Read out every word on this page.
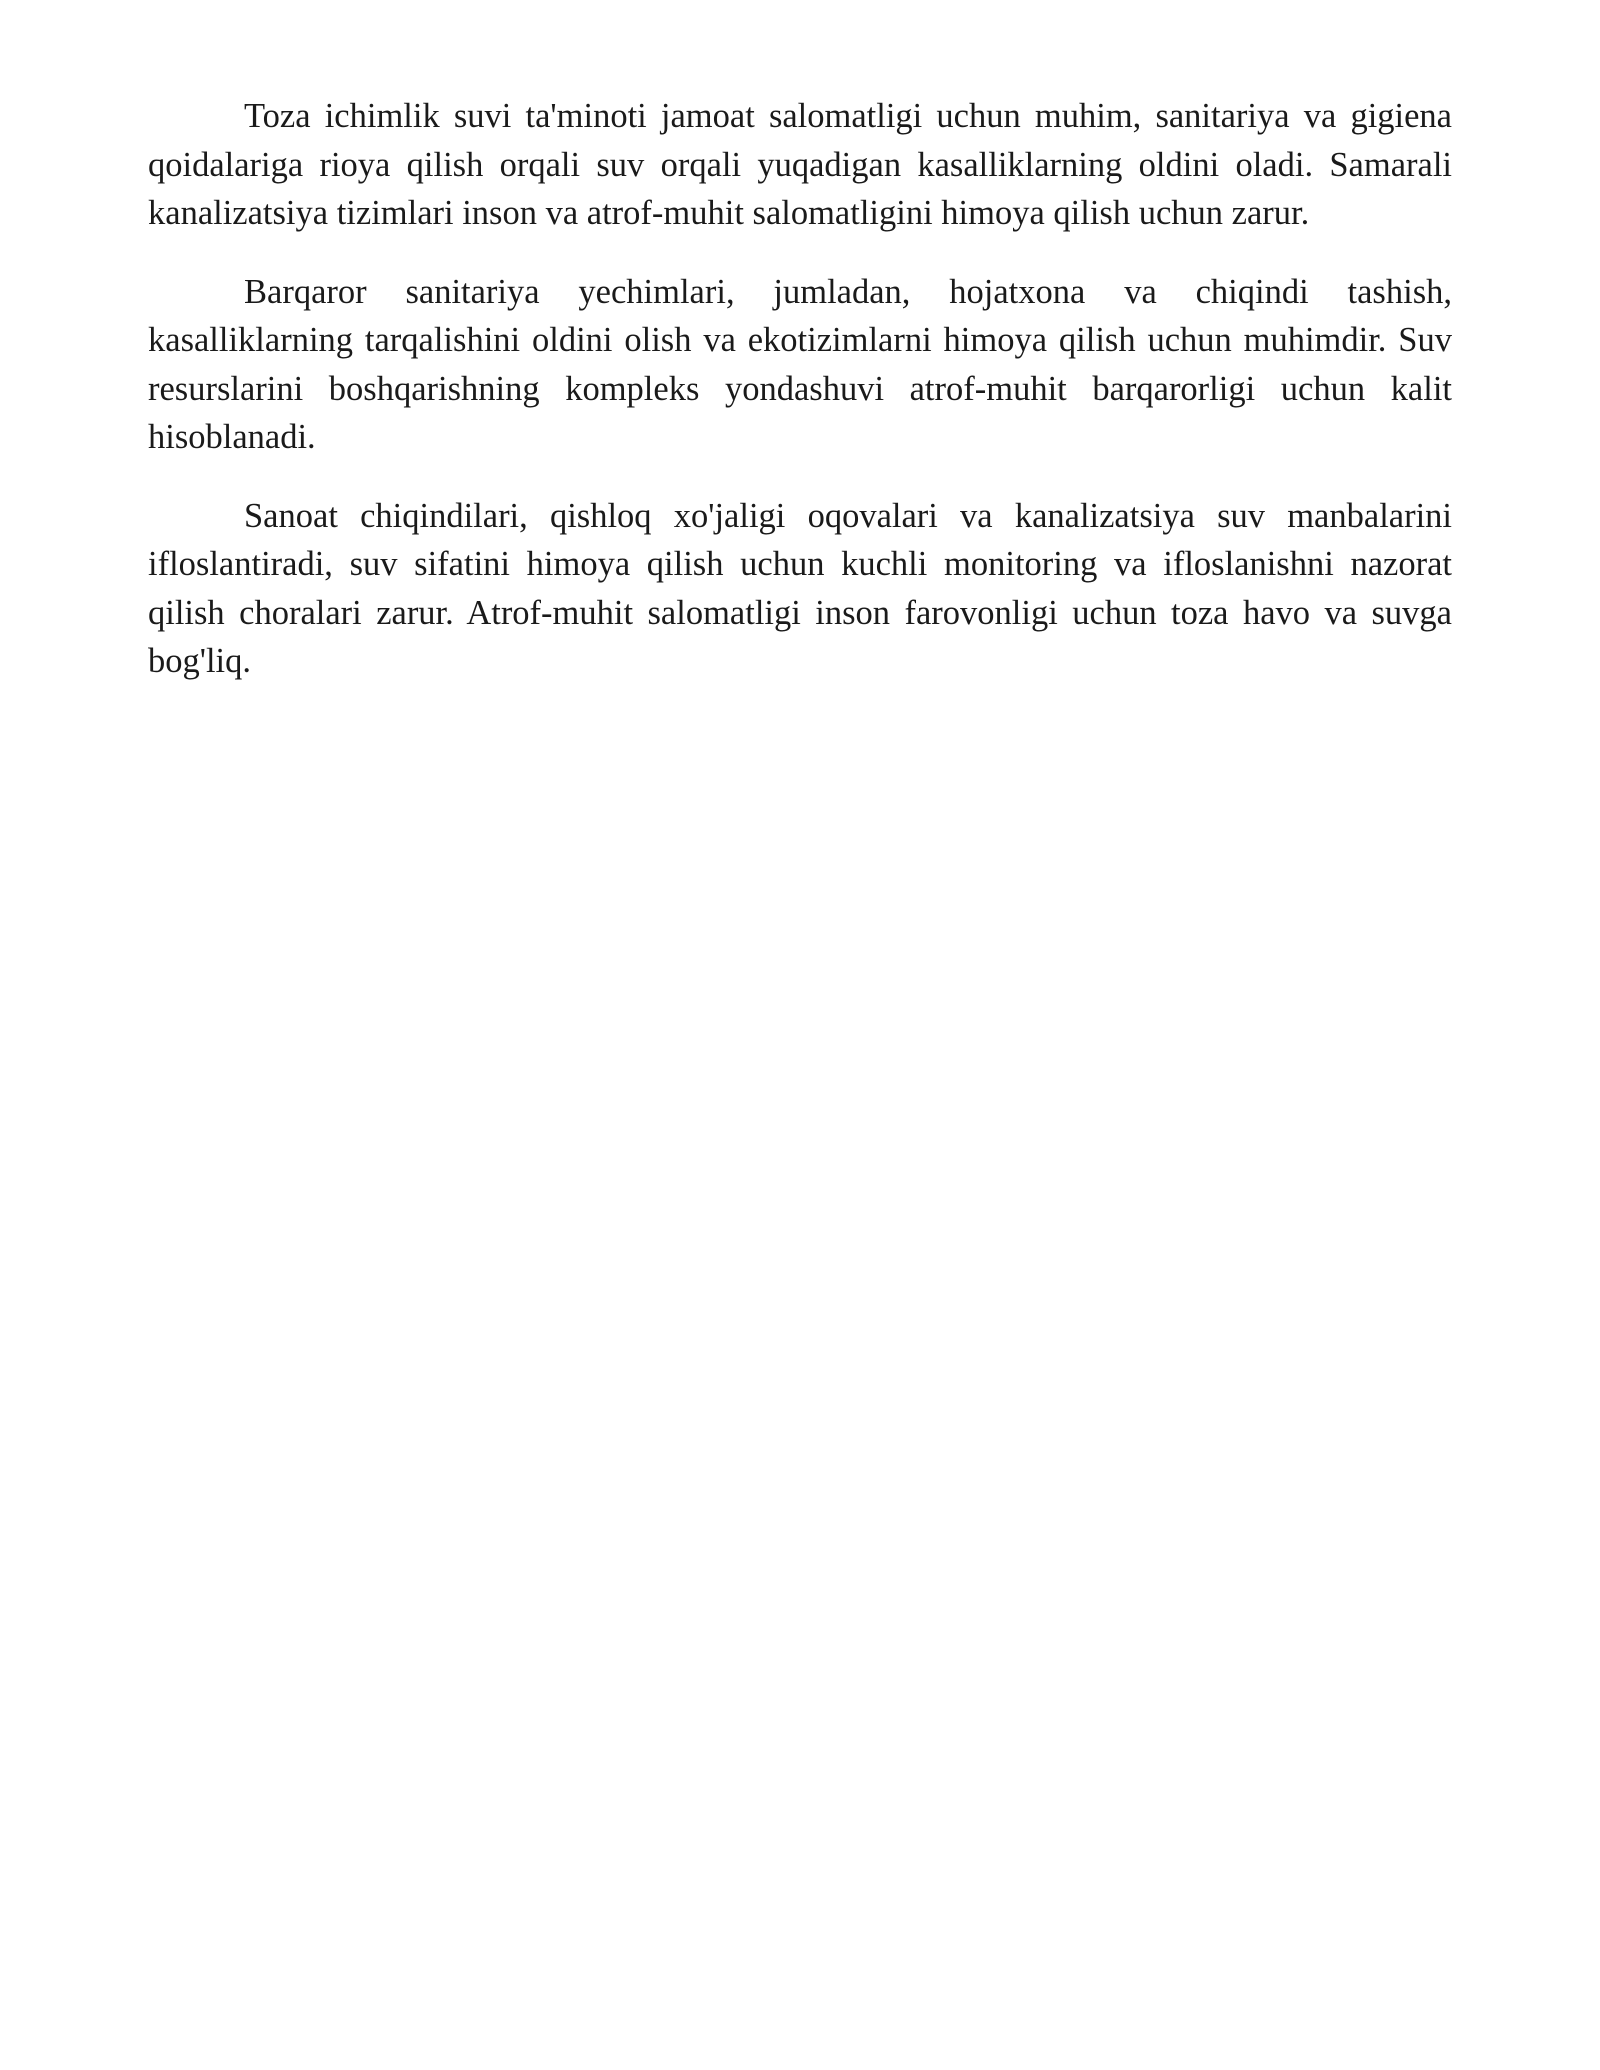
Toza ichimlik suvi ta'minoti jamoat salomatligi uchun muhim, sanitariya va gigiena qoidalariga rioya qilish orqali suv orqali yuqadigan kasalliklarning oldini oladi. Samarali kanalizatsiya tizimlari inson va atrof-muhit salomatligini himoya qilish uchun zarur.

Barqaror sanitariya yechimlari, jumladan, hojatxona va chiqindi tashish, kasalliklarning tarqalishini oldini olish va ekotizimlarni himoya qilish uchun muhimdir. Suv resurslarini boshqarishning kompleks yondashuvi atrof-muhit barqarorligi uchun kalit hisoblanadi.

Sanoat chiqindilari, qishloq xo'jaligi oqovalari va kanalizatsiya suv manbalarini ifloslantiradi, suv sifatini himoya qilish uchun kuchli monitoring va ifloslanishni nazorat qilish choralari zarur. Atrof-muhit salomatligi inson farovonligi uchun toza havo va suvga bog'liq.
